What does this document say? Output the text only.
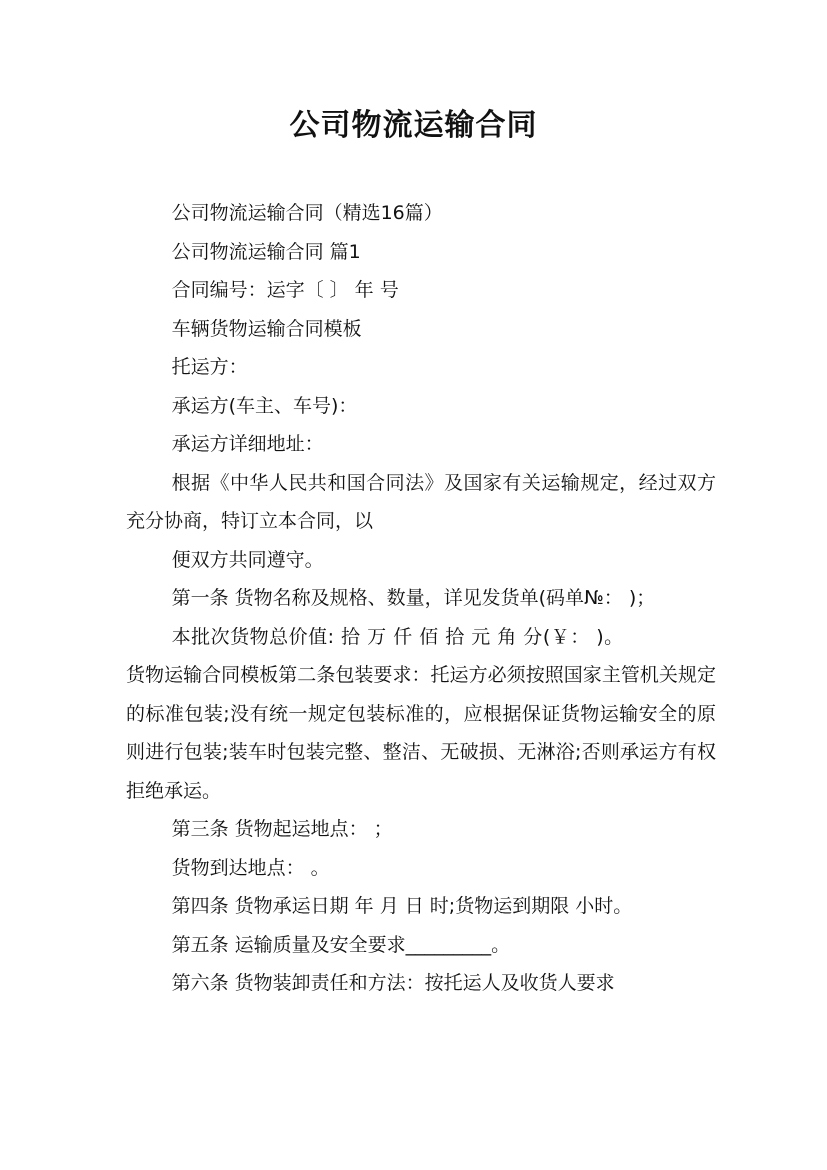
公司物流运输合同

公司物流运输合同（精选16篇）

公司物流运输合同 篇1

合同编号：运字〔 〕 年 号

车辆货物运输合同模板

托运方：

承运方(车主、车号)：

承运方详细地址：

根据《中华人民共和国合同法》及国家有关运输规定，经过双方充分协商，特订立本合同，以

便双方共同遵守。

第一条 货物名称及规格、数量，详见发货单(码单№： )；

本批次货物总价值: 拾 万 仟 佰 拾 元 角 分(￥： )。

货物运输合同模板第二条包装要求：托运方必须按照国家主管机关规定的标准包装;没有统一规定包装标准的，应根据保证货物运输安全的原则进行包装;装车时包装完整、整洁、无破损、无淋浴;否则承运方有权拒绝承运。

第三条 货物起运地点： ；

货物到达地点： 。

第四条 货物承运日期 年 月 日 时;货物运到期限 小时。

第五条 运输质量及安全要求_________。

第六条 货物装卸责任和方法：按托运人及收货人要求
